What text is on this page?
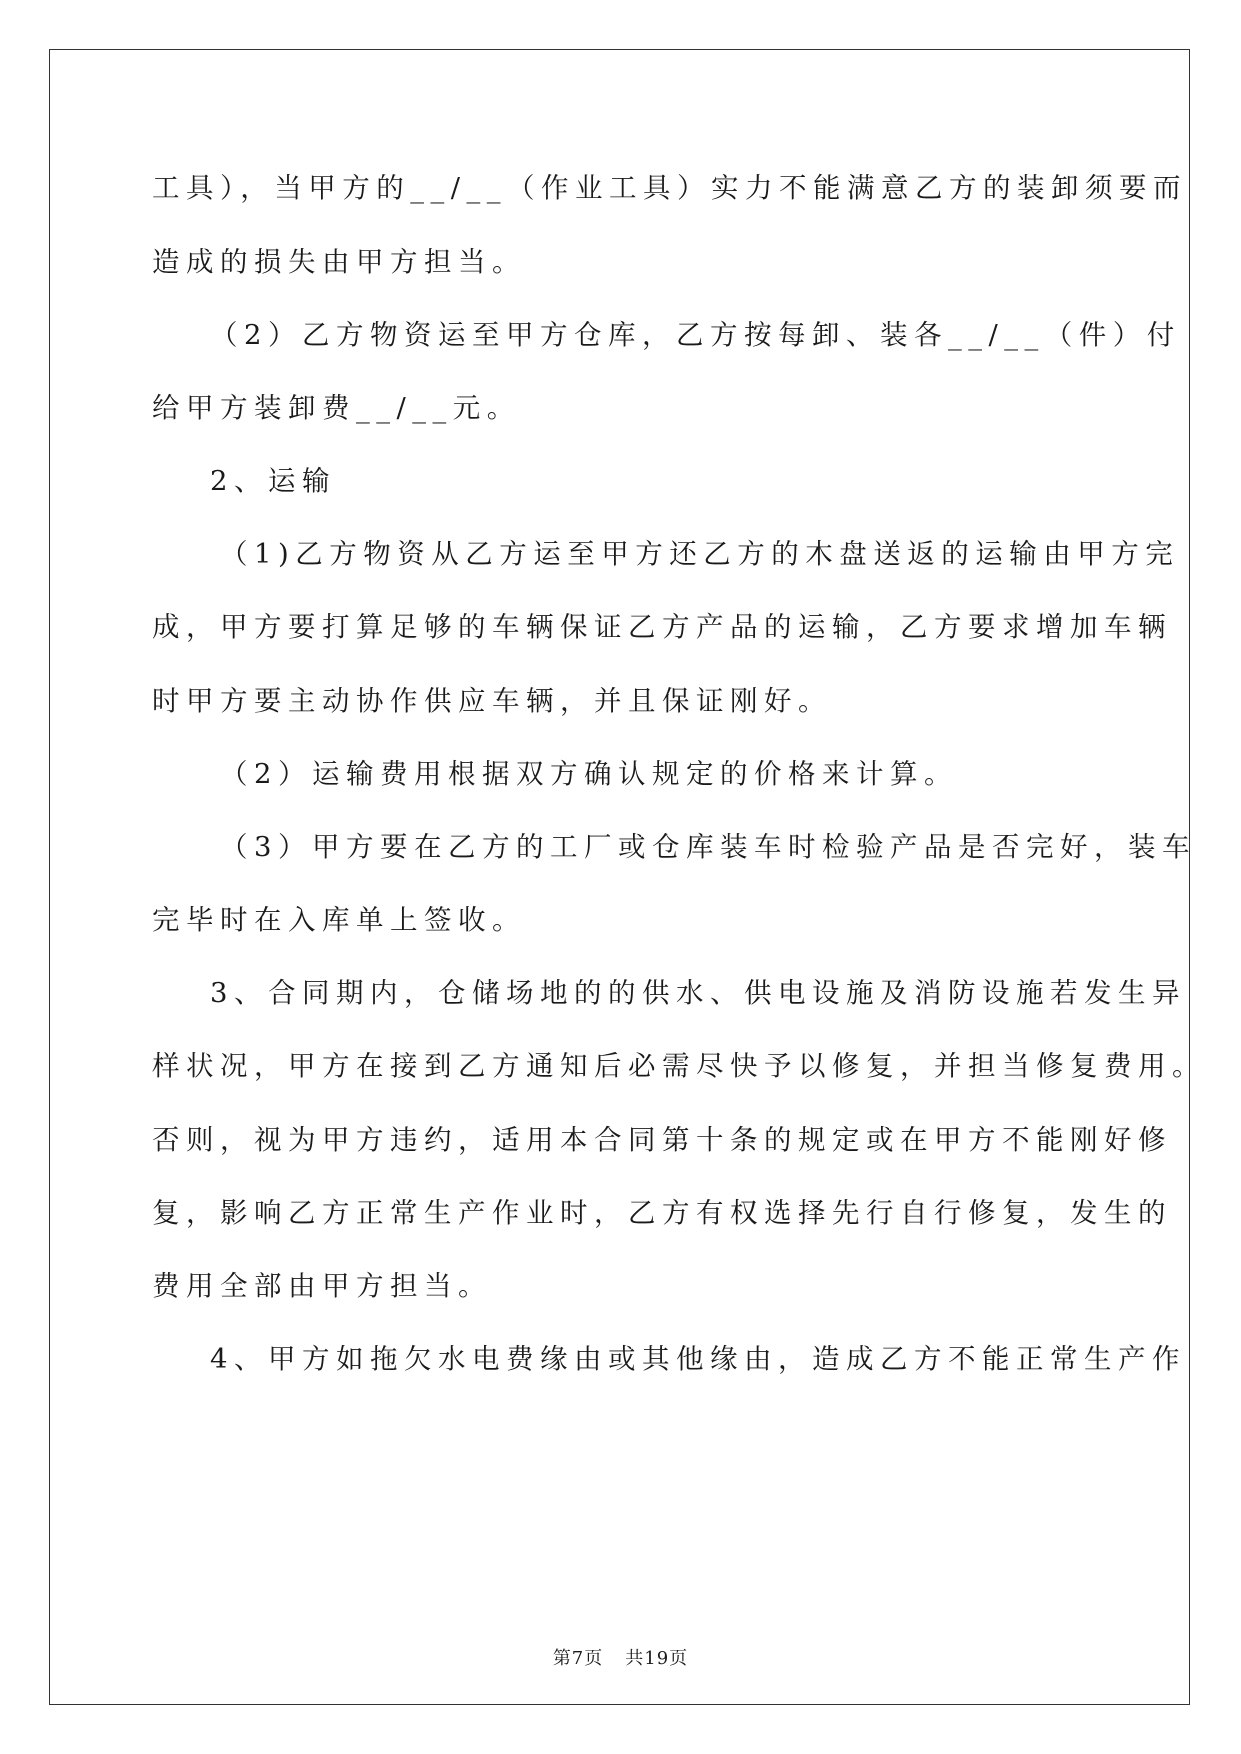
工具），当甲方的__/__（作业工具）实力不能满意乙方的装卸须要而
造成的损失由甲方担当。
（2）乙方物资运至甲方仓库，乙方按每卸、装各__/__（件）付
给甲方装卸费__/__元。
2、运输
（1)乙方物资从乙方运至甲方还乙方的木盘送返的运输由甲方完
成，甲方要打算足够的车辆保证乙方产品的运输，乙方要求增加车辆
时甲方要主动协作供应车辆，并且保证刚好。
（2）运输费用根据双方确认规定的价格来计算。
（3）甲方要在乙方的工厂或仓库装车时检验产品是否完好，装车
完毕时在入库单上签收。
3、合同期内，仓储场地的的供水、供电设施及消防设施若发生异
样状况，甲方在接到乙方通知后必需尽快予以修复，并担当修复费用。
否则，视为甲方违约，适用本合同第十条的规定或在甲方不能刚好修
复，影响乙方正常生产作业时，乙方有权选择先行自行修复，发生的
费用全部由甲方担当。
4、甲方如拖欠水电费缘由或其他缘由，造成乙方不能正常生产作
第7页 共19页
